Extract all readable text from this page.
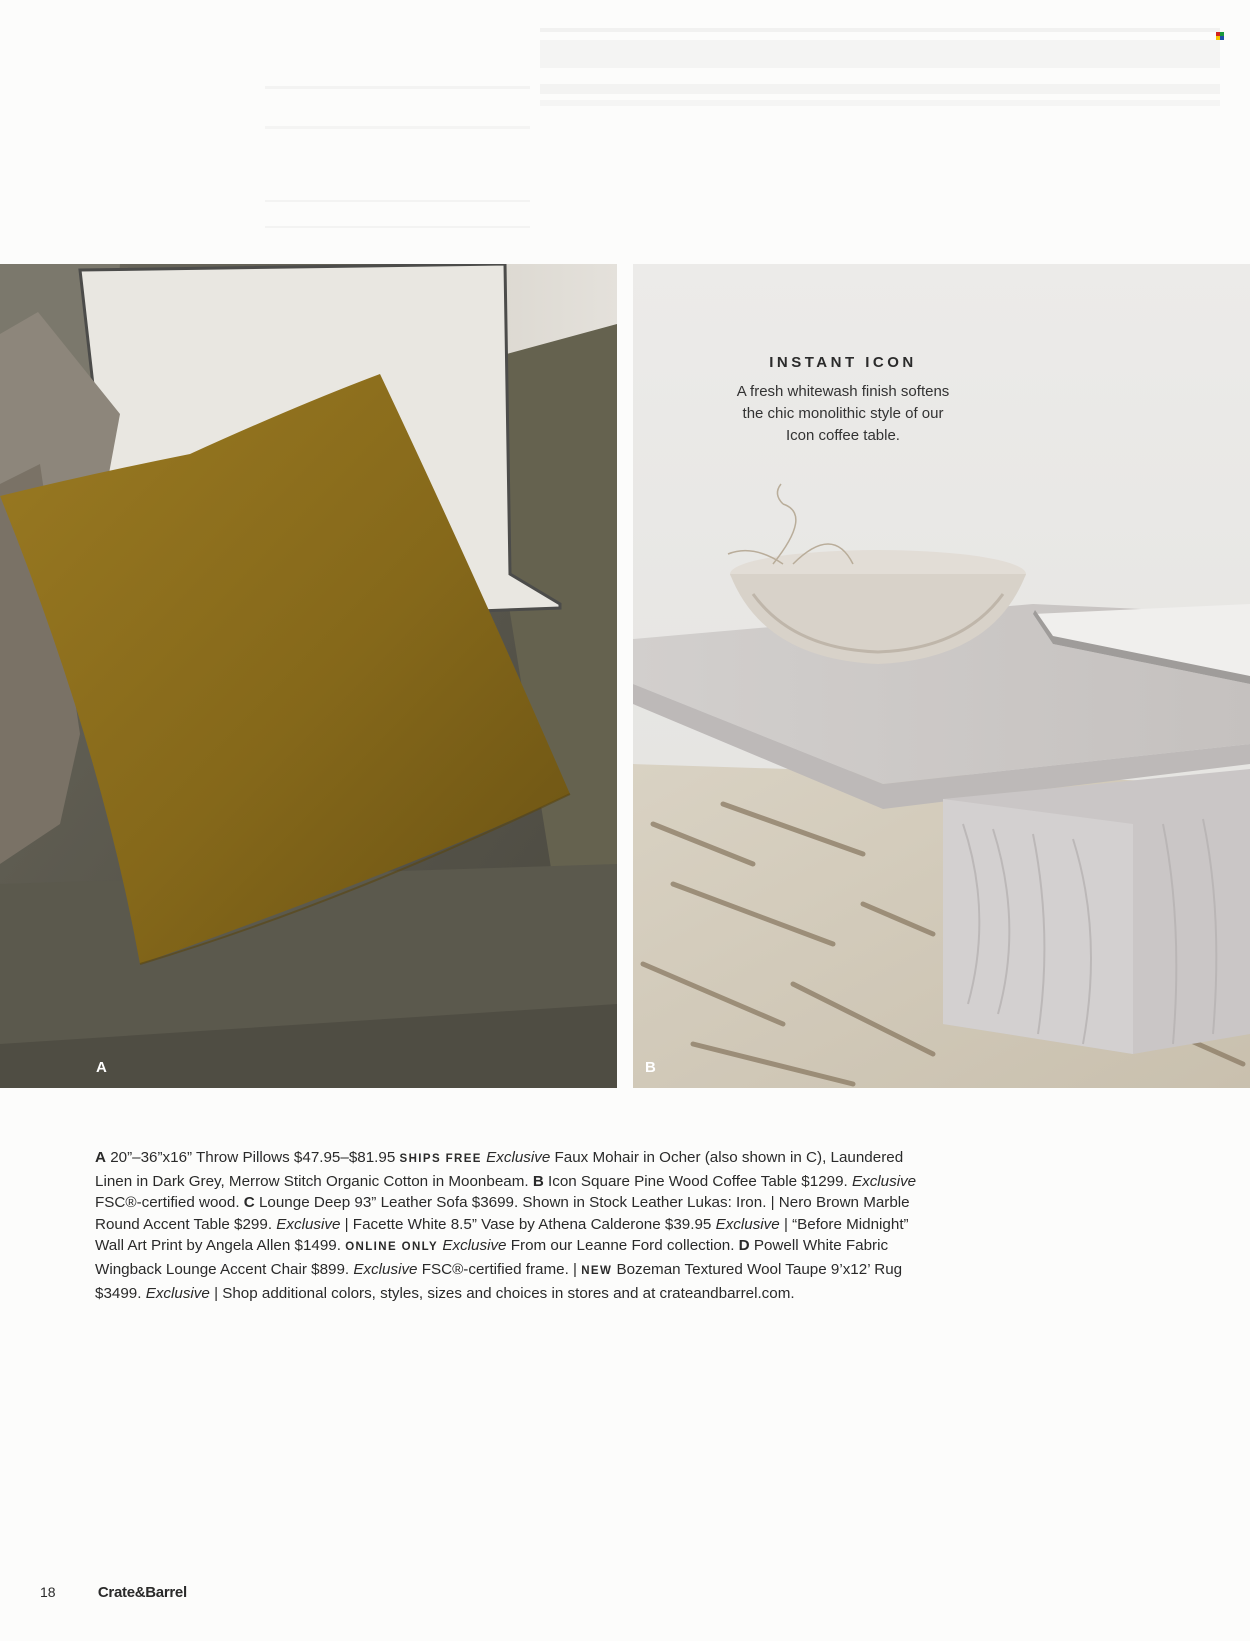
A
INSTANT ICON
A fresh whitewash finish softens
the chic monolithic style of our
Icon coffee table.
B
A 20”–36”x16” Throw Pillows $47.95–$81.95 SHIPS FREE Exclusive Faux Mohair in Ocher (also shown in C), Laundered Linen in Dark Grey, Merrow Stitch Organic Cotton in Moonbeam. B Icon Square Pine Wood Coffee Table $1299. Exclusive FSC®-certified wood. C Lounge Deep 93” Leather Sofa $3699. Shown in Stock Leather Lukas: Iron. | Nero Brown Marble Round Accent Table $299. Exclusive | Facette White 8.5” Vase by Athena Calderone $39.95 Exclusive | “Before Midnight” Wall Art Print by Angela Allen $1499. ONLINE ONLY Exclusive From our Leanne Ford collection. D Powell White Fabric Wingback Lounge Accent Chair $899. Exclusive FSC®-certified frame. | NEW Bozeman Textured Wool Taupe 9’x12’ Rug $3499. Exclusive | Shop additional colors, styles, sizes and choices in stores and at crateandbarrel.com.
18	Crate&Barrel
